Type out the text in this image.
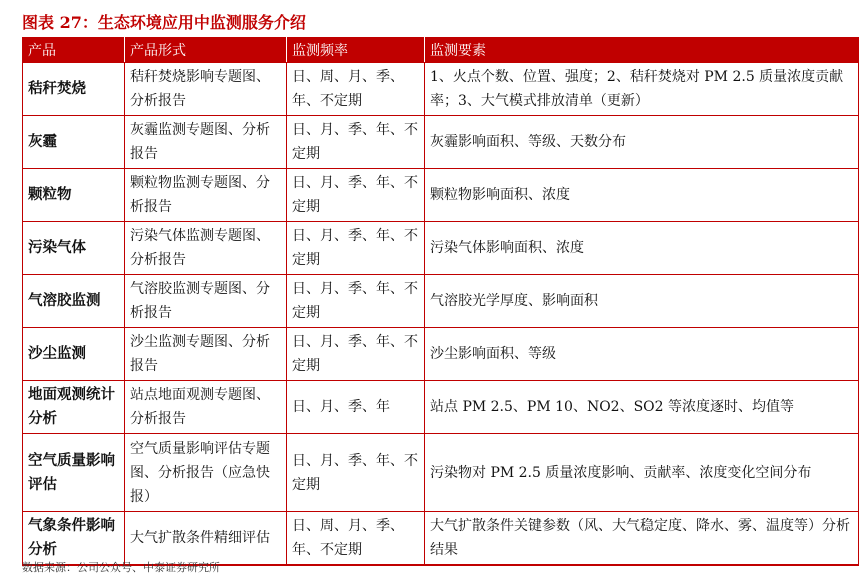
图表 27：生态环境应用中监测服务介绍
产品	产品形式	监测频率	监测要素
秸秆焚烧	秸秆焚烧影响专题图、分析报告	日、周、月、季、年、不定期	1、火点个数、位置、强度；2、秸秆焚烧对 PM 2.5 质量浓度贡献率；3、大气模式排放清单（更新）
灰霾	灰霾监测专题图、分析报告	日、月、季、年、不定期	灰霾影响面积、等级、天数分布
颗粒物	颗粒物监测专题图、分析报告	日、月、季、年、不定期	颗粒物影响面积、浓度
污染气体	污染气体监测专题图、分析报告	日、月、季、年、不定期	污染气体影响面积、浓度
气溶胶监测	气溶胶监测专题图、分析报告	日、月、季、年、不定期	气溶胶光学厚度、影响面积
沙尘监测	沙尘监测专题图、分析报告	日、月、季、年、不定期	沙尘影响面积、等级
地面观测统计分析	站点地面观测专题图、分析报告	日、月、季、年	站点 PM 2.5、PM 10、NO2、SO2 等浓度逐时、均值等
空气质量影响评估	空气质量影响评估专题图、分析报告（应急快报）	日、月、季、年、不定期	污染物对 PM 2.5 质量浓度影响、贡献率、浓度变化空间分布
气象条件影响分析	大气扩散条件精细评估	日、周、月、季、年、不定期	大气扩散条件关键参数（风、大气稳定度、降水、雾、温度等）分析结果
数据来源：公司公众号、中泰证券研究所
